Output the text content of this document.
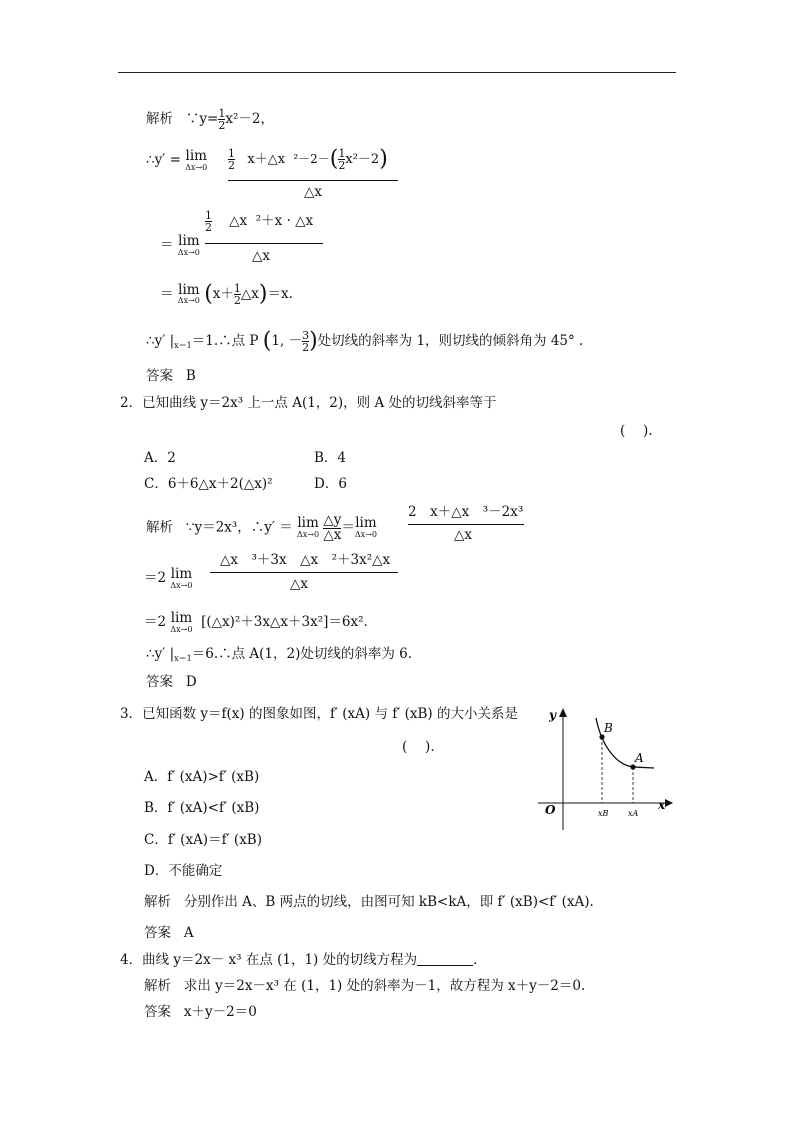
解析 ∵y= $\frac{1}{2} x^2-2$，
∴y′ = lim
$\Delta x\to 0 \frac{1}{2}$ x＋△x $^2-2-( \frac{1}{2} x^2-2)$
△x
＝ lim
Δx→0
$\frac{1}{2}$ △x ²＋x · △x
△x
＝ lim
Δx→0 ($x+ \frac{1}{2}$ △x)＝x.
∴y′ $|_{x=1}=1.\therefore$点 P (1, － $\frac{3}{2}$ )处切线的斜率为 1，则切线的倾斜角为 45° .
答案 B
2．已知曲线 y＝2x³ 上一点 A(1，2)，则 A 处的切线斜率等于
(　 ).
A．2	B．4
C．6＋6△x＋2(△x)²	D．6
解析 ∵y＝2x³，∴y′ ＝ lim
Δx→0
$\frac{\triangle y}{\triangle x} = \lim$
Δx→0
2　x＋△x　³－2x³
△x
＝2 lim
Δx→0
△x　³＋3x　△x　²＋3x²△x
△x
＝2 lim
Δx→0 [(△x)²＋3x△x＋3x²]＝6x².
∴y′ $|_{x=1}=6.\therefore$点 A(1，2)处切线的斜率为 6.
答案 D
3．已知函数 y＝f(x) 的图象如图，f′ (xA) 与 f′ (xB) 的大小关系是
(　 ).
A．f′ (xA)>f′ (xB)
B．f′ (xA)<f′ (xB)
C．f′ (xA)＝f′ (xB)
D．不能确定
y
x
O
B
A
xB xA
解析 分别作出 A、B 两点的切线，由图可知 kB<kA，即 f′ (xB)<f′ (xA).
答案 A
4．曲线 y＝2x－ x³ 在点 (1，1) 处的切线方程为	.
解析 求出 y＝2x－x³ 在 (1，1) 处的斜率为－1，故方程为 x＋y－2＝0.
答案 x＋y－2＝0
